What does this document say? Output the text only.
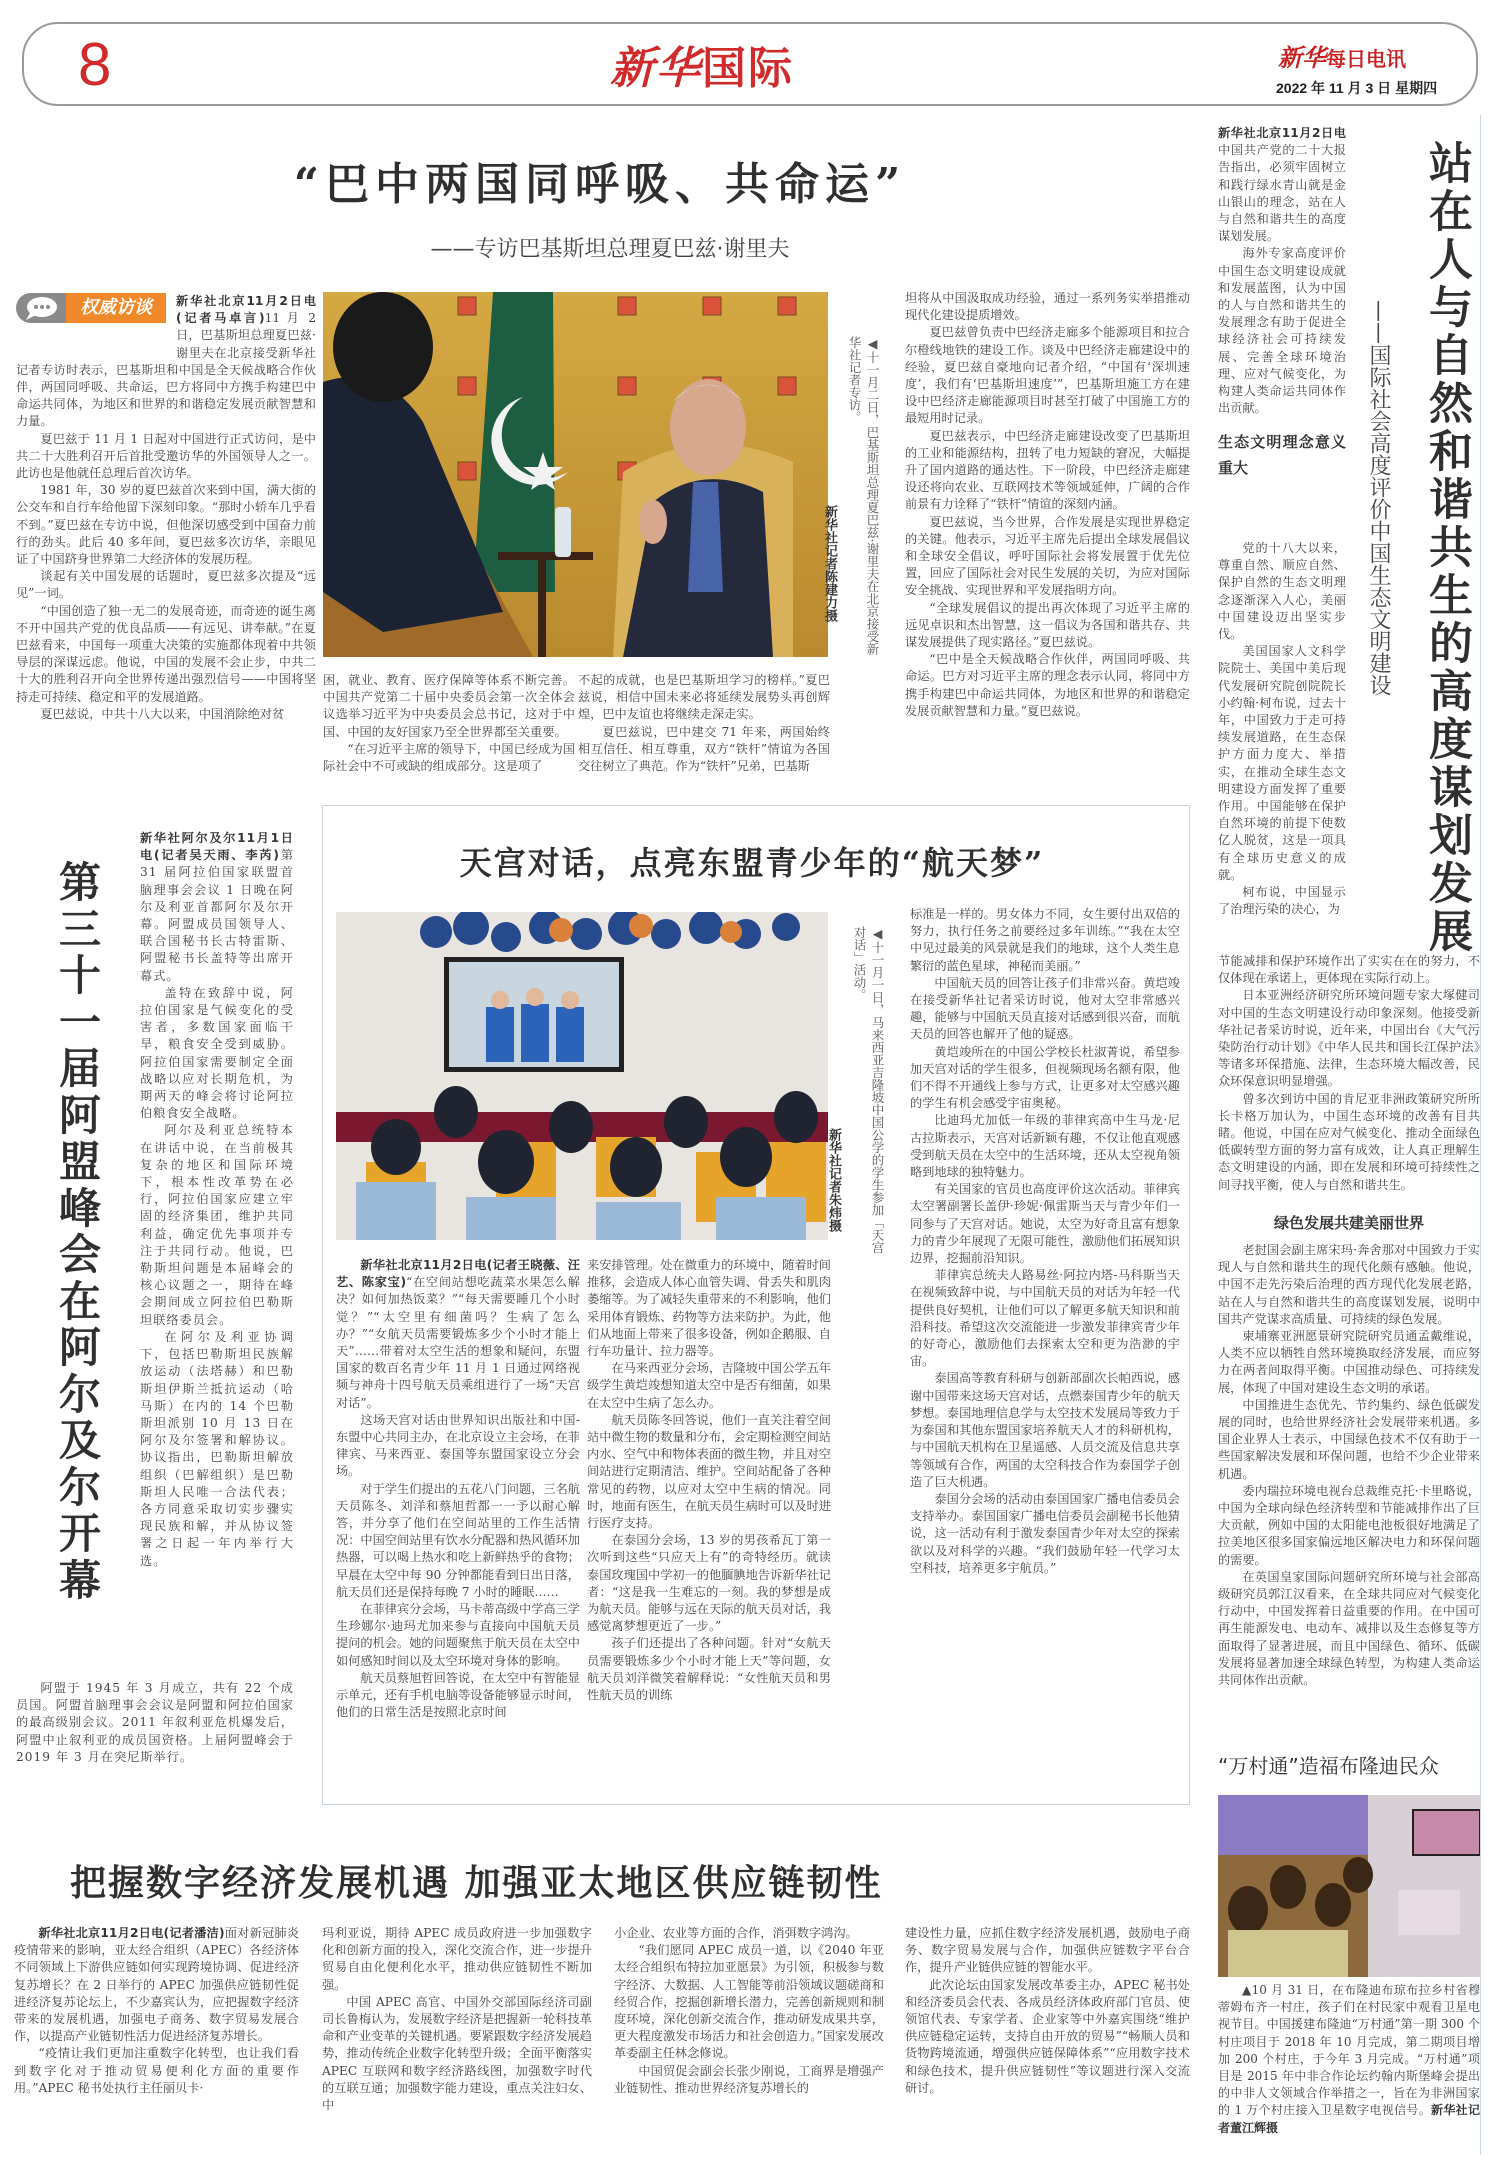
8	新华国际	新华每日电讯
2022 年 11 月 3 日 星期四
“巴中两国同呼吸、共命运”
——专访巴基斯坦总理夏巴兹·谢里夫
权威访谈	新华社北京11月2日电(记者马卓言)11 月 2 日，巴基斯坦总理夏巴兹·谢里夫在北京接受新华社记者专访时表示，巴基斯坦和中国是全天候战略合作伙伴，两国同呼吸、共命运，巴方将同中方携手构建巴中命运共同体，为地区和世界的和谐稳定发展贡献智慧和力量。

夏巴兹于 11 月 1 日起对中国进行正式访问，是中共二十大胜利召开后首批受邀访华的外国领导人之一。此访也是他就任总理后首次访华。

1981 年，30 岁的夏巴兹首次来到中国，满大街的公交车和自行车给他留下深刻印象。“那时小轿车几乎看不到。”夏巴兹在专访中说，但他深切感受到中国奋力前行的劲头。此后 40 多年间，夏巴兹多次访华，亲眼见证了中国跻身世界第二大经济体的发展历程。

谈起有关中国发展的话题时，夏巴兹多次提及“远见”一词。

“中国创造了独一无二的发展奇迹，而奇迹的诞生离不开中国共产党的优良品质——有远见、讲奉献。”在夏巴兹看来，中国每一项重大决策的实施都体现着中共领导层的深谋远虑。他说，中国的发展不会止步，中共二十大的胜利召开向全世界传递出强烈信号——中国将坚持走可持续、稳定和平的发展道路。

夏巴兹说，中共十八大以来，中国消除绝对贫

◀十一月二日，巴基斯坦总理夏巴兹·谢里夫在北京接受新华社记者专访。
新华社记者陈建力摄

困，就业、教育、医疗保障等体系不断完善。中国共产党第二十届中央委员会第一次全体会议选举习近平为中央委员会总书记，这对于中国、中国的友好国家乃至全世界都至关重要。

“在习近平主席的领导下，中国已经成为国际社会中不可或缺的组成部分。这是项了

不起的成就，也是巴基斯坦学习的榜样。”夏巴兹说，相信中国未来必将延续发展势头再创辉煌，巴中友谊也将继续走深走实。

夏巴兹说，巴中建交 71 年来，两国始终相互信任、相互尊重，双方“铁杆”情谊为各国交往树立了典范。作为“铁杆”兄弟，巴基斯

坦将从中国汲取成功经验，通过一系列务实举措推动现代化建设提质增效。

夏巴兹曾负责中巴经济走廊多个能源项目和拉合尔橙线地铁的建设工作。谈及中巴经济走廊建设中的经验，夏巴兹自豪地向记者介绍，“中国有‘深圳速度’，我们有‘巴基斯坦速度’”，巴基斯坦施工方在建设中巴经济走廊能源项目时甚至打破了中国施工方的最短用时记录。

夏巴兹表示，中巴经济走廊建设改变了巴基斯坦的工业和能源结构，扭转了电力短缺的窘况，大幅提升了国内道路的通达性。下一阶段，中巴经济走廊建设还将向农业、互联网技术等领域延伸，广阔的合作前景有力诠释了“铁杆”情谊的深刻内涵。

夏巴兹说，当今世界，合作发展是实现世界稳定的关键。他表示，习近平主席先后提出全球发展倡议和全球安全倡议，呼吁国际社会将发展置于优先位置，回应了国际社会对民生发展的关切，为应对国际安全挑战、实现世界和平发展指明方向。

“全球发展倡议的提出再次体现了习近平主席的远见卓识和杰出智慧，这一倡议为各国和谐共存、共谋发展提供了现实路径。”夏巴兹说。

“巴中是全天候战略合作伙伴，两国同呼吸、共命运。巴方对习近平主席的理念表示认同，将同中方携手构建巴中命运共同体，为地区和世界的和谐稳定发展贡献智慧和力量。”夏巴兹说。	站在人与自然和谐共生的高度谋划发展
——国际社会高度评价中国生态文明建设

新华社北京11月2日电中国共产党的二十大报告指出，必须牢固树立和践行绿水青山就是金山银山的理念，站在人与自然和谐共生的高度谋划发展。

海外专家高度评价中国生态文明建设成就和发展蓝图，认为中国的人与自然和谐共生的发展理念有助于促进全球经济社会可持续发展、完善全球环境治理、应对气候变化，为构建人类命运共同体作出贡献。

生态文明理念意义重大

党的十八大以来，尊重自然、顺应自然、保护自然的生态文明理念逐渐深入人心，美丽中国建设迈出坚实步伐。

美国国家人文科学院院士、美国中美后现代发展研究院创院院长小约翰·柯布说，过去十年，中国致力于走可持续发展道路，在生态保护方面力度大、举措实，在推动全球生态文明建设方面发挥了重要作用。中国能够在保护自然环境的前提下使数亿人脱贫，这是一项具有全球历史意义的成就。

柯布说，中国显示了治理污染的决心，为

节能减排和保护环境作出了实实在在的努力，不仅体现在承诺上，更体现在实际行动上。

日本亚洲经济研究所环境问题专家大塚健司对中国的生态文明建设行动印象深刻。他接受新华社记者采访时说，近年来，中国出台《大气污染防治行动计划》《中华人民共和国长江保护法》等诸多环保措施、法律，生态环境大幅改善，民众环保意识明显增强。

曾多次到访中国的肯尼亚非洲政策研究所所长卡格万加认为，中国生态环境的改善有目共睹。他说，中国在应对气候变化、推动全面绿色低碳转型方面的努力富有成效，让人真正理解生态文明建设的内涵，即在发展和环境可持续性之间寻找平衡，使人与自然和谐共生。

绿色发展共建美丽世界

老挝国会副主席宋玛·奔舍那对中国致力于实现人与自然和谐共生的现代化颇有感触。他说，中国不走先污染后治理的西方现代化发展老路，站在人与自然和谐共生的高度谋划发展，说明中国共产党谋求高质量、可持续的绿色发展。

柬埔寨亚洲愿景研究院研究员通孟戴维说，人类不应以牺牲自然环境换取经济发展，而应努力在两者间取得平衡。中国推动绿色、可持续发展，体现了中国对建设生态文明的承诺。

中国推进生态优先、节约集约、绿色低碳发展的同时，也给世界经济社会发展带来机遇。多国企业界人士表示，中国绿色技术不仅有助于一些国家解决发展和环保问题，也给不少企业带来机遇。

委内瑞拉环境电视台总裁维克托·卡里略说，中国为全球向绿色经济转型和节能减排作出了巨大贡献，例如中国的太阳能电池板很好地满足了拉美地区很多国家偏远地区解决电力和环保问题的需要。

在英国皇家国际问题研究所环境与社会部高级研究员郭江汉看来，在全球共同应对气候变化行动中，中国发挥着日益重要的作用。在中国可再生能源发电、电动车、减排以及生态修复等方面取得了显著进展，而且中国绿色、循环、低碳发展将显著加速全球绿色转型，为构建人类命运共同体作出贡献。

“万村通”造福布隆迪民众

▲10 月 31 日，在布隆迪布琼布拉乡村省穆蒂姆布齐一村庄，孩子们在村民家中观看卫星电视节目。中国援建布隆迪“万村通”第一期 300 个村庄项目于 2018 年 10 月完成，第二期项目增加 200 个村庄，于今年 3 月完成。“万村通”项目是 2015 年中非合作论坛约翰内斯堡峰会提出的中非人文领域合作举措之一，旨在为非洲国家的 1 万个村庄接入卫星数字电视信号。新华社记者董江辉摄

第
三
十
一
届
阿
盟
峰
会
在
阿
尔
及
尔
开
幕

新华社阿尔及尔11月1日电(记者吴天雨、李芮)第 31 届阿拉伯国家联盟首脑理事会会议 1 日晚在阿尔及利亚首都阿尔及尔开幕。阿盟成员国领导人、联合国秘书长古特雷斯、阿盟秘书长盖特等出席开幕式。

盖特在致辞中说，阿拉伯国家是气候变化的受害者，多数国家面临干旱，粮食安全受到威胁。阿拉伯国家需要制定全面战略以应对长期危机，为期两天的峰会将讨论阿拉伯粮食安全战略。

阿尔及利亚总统特本在讲话中说，在当前极其复杂的地区和国际环境下，根本性改革势在必行，阿拉伯国家应建立牢固的经济集团，维护共同利益，确定优先事项并专注于共同行动。他说，巴勒斯坦问题是本届峰会的核心议题之一，期待在峰会期间成立阿拉伯巴勒斯坦联络委员会。

在阿尔及利亚协调下，包括巴勒斯坦民族解放运动（法塔赫）和巴勒斯坦伊斯兰抵抗运动（哈马斯）在内的 14 个巴勒斯坦派别 10 月 13 日在阿尔及尔签署和解协议。协议指出，巴勒斯坦解放组织（巴解组织）是巴勒斯坦人民唯一合法代表；各方同意采取切实步骤实现民族和解，并从协议签署之日起一年内举行大选。

阿盟于 1945 年 3 月成立，共有 22 个成员国。阿盟首脑理事会会议是阿盟和阿拉伯国家的最高级别会议。2011 年叙利亚危机爆发后，阿盟中止叙利亚的成员国资格。上届阿盟峰会于 2019 年 3 月在突尼斯举行。

天宫对话，点亮东盟青少年的“航天梦”
◀十一月一日，马来西亚吉隆坡中国公学的学生参加「天宫对话」活动。
新华社记者朱炜摄

新华社北京11月2日电(记者王晓薇、汪艺、陈家宝)“在空间站想吃蔬菜水果怎么解决？如何加热饭菜？”“每天需要睡几个小时觉？”“太空里有细菌吗？生病了怎么办？”“女航天员需要锻炼多少个小时才能上天”……带着对太空生活的想象和疑问，东盟国家的数百名青少年 11 月 1 日通过网络视频与神舟十四号航天员乘组进行了一场“天宫对话”。

这场天宫对话由世界知识出版社和中国-东盟中心共同主办，在北京设立主会场，在菲律宾、马来西亚、泰国等东盟国家设立分会场。

对于学生们提出的五花八门问题，三名航天员陈冬、刘洋和蔡旭哲都一一予以耐心解答，并分享了他们在空间站里的工作生活情况：中国空间站里有饮水分配器和热风循环加热器，可以喝上热水和吃上新鲜热乎的食物；早晨在太空中每 90 分钟都能看到日出日落，航天员们还是保持每晚 7 小时的睡眠……

在菲律宾分会场，马卡蒂高级中学高三学生珍娜尔·迪玛尤加来参与直接向中国航天员提问的机会。她的问题聚焦于航天员在太空中如何感知时间以及太空环境对身体的影响。

航天员蔡旭哲回答说，在太空中有智能显示单元，还有手机电脑等设备能够显示时间，他们的日常生活是按照北京时间

来安排管理。处在微重力的环境中，随着时间推移，会造成人体心血管失调、骨丢失和肌肉萎缩等。为了减轻失重带来的不利影响，他们采用体育锻炼、药物等方法来防护。为此，他们从地面上带来了很多设备，例如企鹅服、自行车功量计、拉力器等。

在马来西亚分会场，吉隆坡中国公学五年级学生黄垲竣想知道太空中是否有细菌，如果在太空中生病了怎么办。

航天员陈冬回答说，他们一直关注着空间站中微生物的数量和分布，会定期检测空间站内水、空气中和物体表面的微生物，并且对空间站进行定期清洁、维护。空间站配备了各种常见的药物，以应对太空中生病的情况。同时，地面有医生，在航天员生病时可以及时进行医疗支持。

在泰国分会场，13 岁的男孩希瓦丁第一次听到这些“只应天上有”的奇特经历。就读泰国玫瑰国中学初一的他腼腆地告诉新华社记者：“这是我一生难忘的一刻。我的梦想是成为航天员。能够与远在天际的航天员对话，我感觉离梦想更近了一步。”

孩子们还提出了各种问题。针对“女航天员需要锻炼多少个小时才能上天”等问题，女航天员刘洋微笑着解释说：“女性航天员和男性航天员的训练

标准是一样的。男女体力不同，女生要付出双倍的努力，执行任务之前要经过多年训练。”“我在太空中见过最美的风景就是我们的地球，这个人类生息繁衍的蓝色星球，神秘而美丽。”

中国航天员的回答让孩子们非常兴奋。黄垲竣在接受新华社记者采访时说，他对太空非常感兴趣，能够与中国航天员直接对话感到很兴奋，而航天员的回答也解开了他的疑惑。

黄垲竣所在的中国公学校长杜淑菁说，希望参加天宫对话的学生很多，但视频现场名额有限，他们不得不开通线上参与方式，让更多对太空感兴趣的学生有机会感受宇宙奥秘。

比迪玛尤加低一年级的菲律宾高中生马龙·尼古拉斯表示，天宫对话新颖有趣，不仅让他直观感受到航天员在太空中的生活环境，还从太空视角领略到地球的独特魅力。

有关国家的官员也高度评价这次活动。菲律宾太空署副署长盖伊·珍妮·佩雷斯当天与青少年们一同参与了天宫对话。她说，太空为好奇且富有想象力的青少年展现了无限可能性，激励他们拓展知识边界，挖掘前沿知识。

菲律宾总统夫人路易丝·阿拉内塔-马科斯当天在视频致辞中说，与中国航天员的对话为年轻一代提供良好契机，让他们可以了解更多航天知识和前沿科技。希望这次交流能进一步激发菲律宾青少年的好奇心，激励他们去探索太空和更为浩渺的宇宙。

泰国高等教育科研与创新部副次长帕西说，感谢中国带来这场天宫对话，点燃泰国青少年的航天梦想。泰国地理信息学与太空技术发展局等致力于为泰国和其他东盟国家培养航天人才的科研机构，与中国航天机构在卫星遥感、人员交流及信息共享等领域有合作，两国的太空科技合作为泰国学子创造了巨大机遇。

泰国分会场的活动由泰国国家广播电信委员会支持举办。泰国国家广播电信委员会副秘书长他猜说，这一活动有利于激发泰国青少年对太空的探索欲以及对科学的兴趣。“我们鼓励年轻一代学习太空科技，培养更多宇航员。”

把握数字经济发展机遇 加强亚太地区供应链韧性

新华社北京11月2日电(记者潘洁)面对新冠肺炎疫情带来的影响，亚太经合组织（APEC）各经济体不同领域上下游供应链如何实现跨境协调、促进经济复苏增长？在 2 日举行的 APEC 加强供应链韧性促进经济复苏论坛上，不少嘉宾认为，应把握数字经济带来的发展机遇，加强电子商务、数字贸易发展合作，以提高产业链韧性活力促进经济复苏增长。

“疫情让我们更加注重数字化转型，也让我们看到数字化对于推动贸易便利化方面的重要作用。”APEC 秘书处执行主任丽贝卡·

玛利亚说，期待 APEC 成员政府进一步加强数字化和创新方面的投入，深化交流合作，进一步提升贸易自由化便利化水平，推动供应链韧性不断加强。

中国 APEC 高官、中国外交部国际经济司副司长鲁梅认为，发展数字经济是把握新一轮科技革命和产业变革的关键机遇。要紧跟数字经济发展趋势，推动传统企业数字化转型升级；全面平衡落实 APEC 互联网和数字经济路线图，加强数字时代的互联互通；加强数字能力建设，重点关注妇女、中

小企业、农业等方面的合作，消弭数字鸿沟。

“我们愿同 APEC 成员一道，以《2040 年亚太经合组织布特拉加亚愿景》为引领，积极参与数字经济、大数据、人工智能等前沿领域议题磋商和经贸合作，挖掘创新增长潜力，完善创新规则和制度环境，深化创新交流合作，推动研发成果共享，更大程度激发市场活力和社会创造力。”国家发展改革委副主任林念修说。

中国贸促会副会长张少刚说，工商界是增强产业链韧性、推动世界经济复苏增长的

建设性力量，应抓住数字经济发展机遇，鼓励电子商务、数字贸易发展与合作，加强供应链数字平台合作，提升产业链供应链的智能水平。

此次论坛由国家发展改革委主办，APEC 秘书处和经济委员会代表、各成员经济体政府部门官员、使领馆代表、专家学者、企业家等中外嘉宾围绕“维护供应链稳定运转，支持自由开放的贸易”“畅顺人员和货物跨境流通，增强供应链保障体系”“应用数字技术和绿色技术，提升供应链韧性”等议题进行深入交流研讨。
